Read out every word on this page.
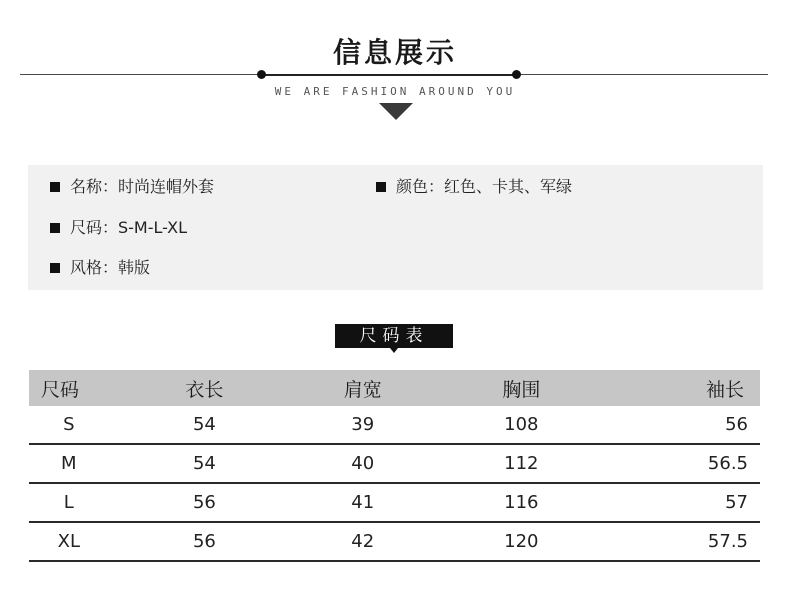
信息展示
WE ARE FASHION AROUND YOU
名称：时尚连帽外套	颜色：红色、卡其、军绿
尺码：S-M-L-XL
风格：韩版
尺码表
尺码	衣长	肩宽	胸围	袖长
S	54	39	108	56
M	54	40	112	56.5
L	56	41	116	57
XL	56	42	120	57.5
